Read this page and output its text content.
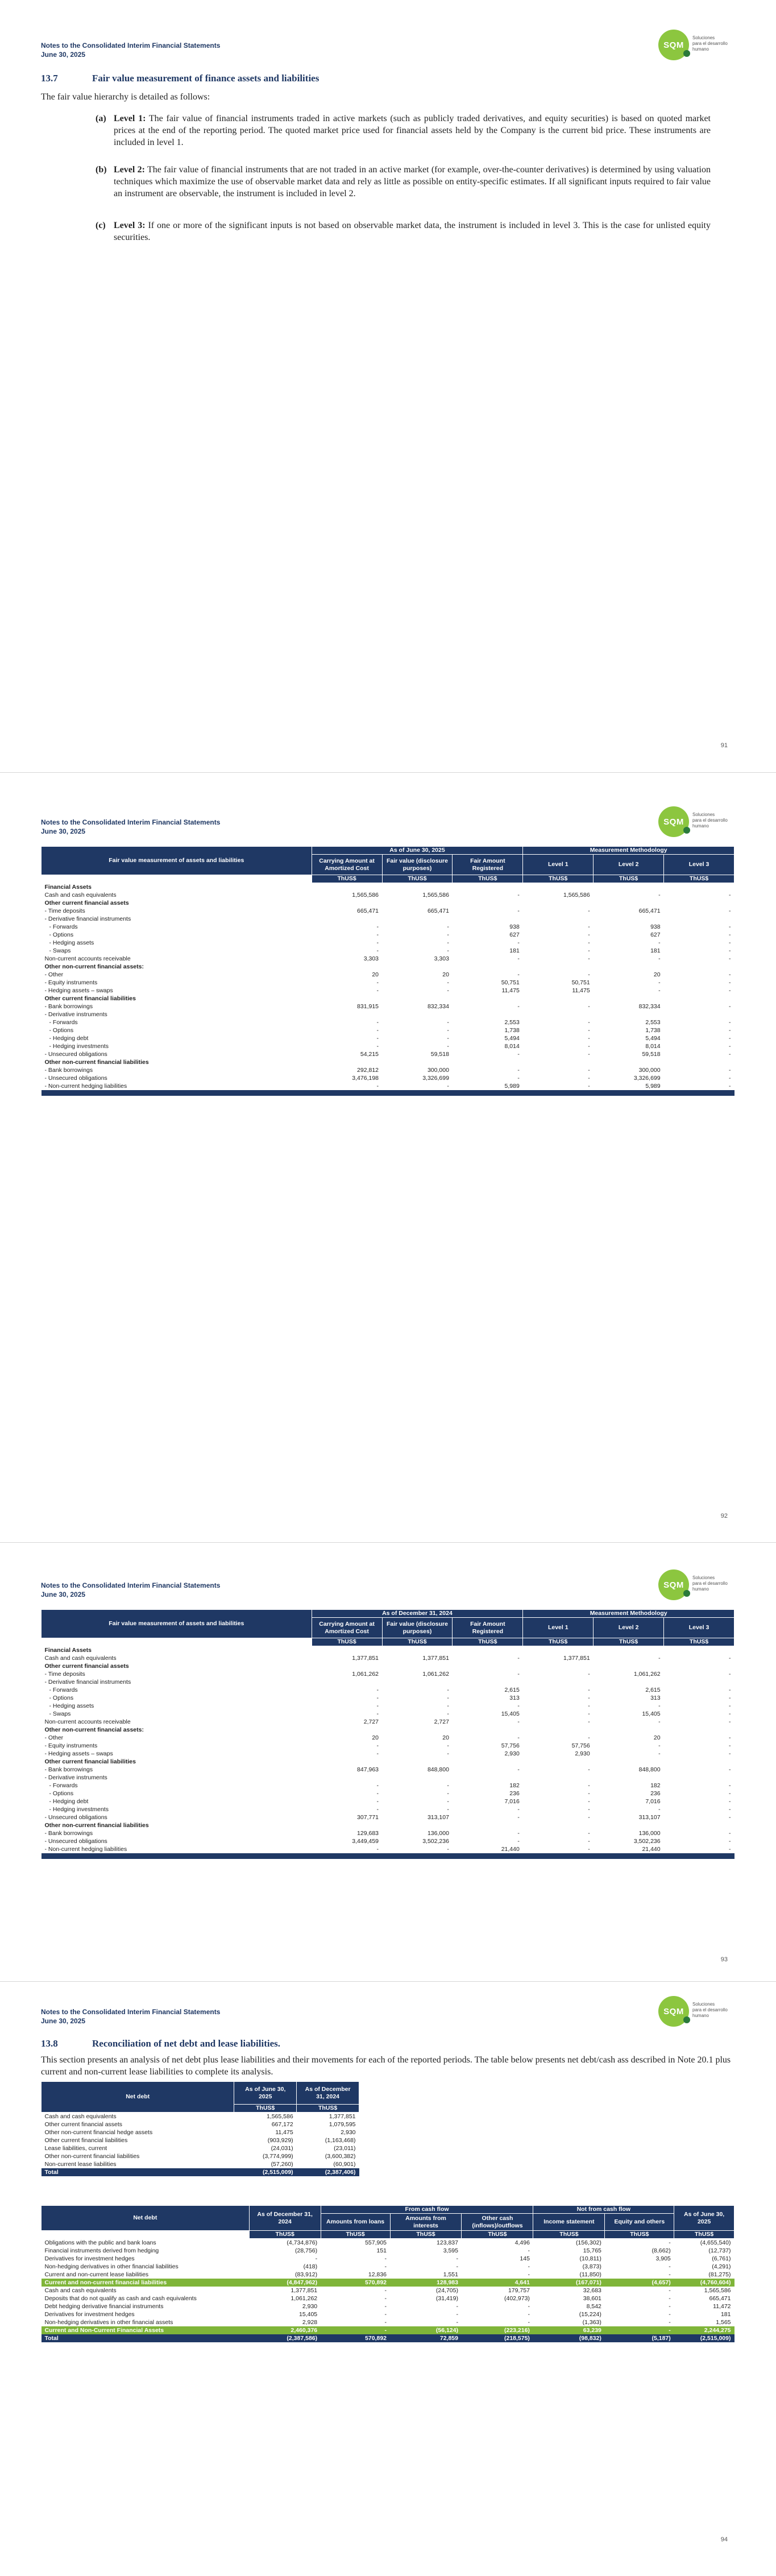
Notes to the Consolidated Interim Financial Statements
June 30, 2025
SQM
Soluciones
para el desarrollo
humano
13.7	Fair value measurement of finance assets and liabilities
The fair value hierarchy is detailed as follows:
(a) Level 1: The fair value of financial instruments traded in active markets (such as publicly traded derivatives, and equity securities) is based on quoted market prices at the end of the reporting period. The quoted market price used for financial assets held by the Company is the current bid price. These instruments are included in level 1.
(b) Level 2: The fair value of financial instruments that are not traded in an active market (for example, over-the-counter derivatives) is determined by using valuation techniques which maximize the use of observable market data and rely as little as possible on entity-specific estimates. If all significant inputs required to fair value an instrument are observable, the instrument is included in level 2.
(c) Level 3: If one or more of the significant inputs is not based on observable market data, the instrument is included in level 3. This is the case for unlisted equity securities.
91
Notes to the Consolidated Interim Financial Statements
June 30, 2025
SQM
Soluciones
para el desarrollo
humano
Fair value measurement of assets and liabilities	As of June 30, 2025			Measurement Methodology		
	Carrying Amount at Amortized Cost	Fair value (disclosure purposes)	Fair Amount Registered	Level 1	Level 2	Level 3
	ThUS$	ThUS$	ThUS$	ThUS$	ThUS$	ThUS$
Financial Assets						
Cash and cash equivalents	1,565,586	1,565,586	-	1,565,586	-	-
Other current financial assets						
- Time deposits	665,471	665,471	-	-	665,471	-
- Derivative financial instruments						
- Forwards	-	-	938	-	938	-
- Options	-	-	627	-	627	-
- Hedging assets	-	-	-	-	-	-
- Swaps	-	-	181	-	181	-
Non-current accounts receivable	3,303	3,303	-	-	-	-
Other non-current financial assets:						
- Other	20	20	-	-	20	-
- Equity instruments	-	-	50,751	50,751	-	-
- Hedging assets – swaps	-	-	11,475	11,475	-	-
Other current financial liabilities						
- Bank borrowings	831,915	832,334	-	-	832,334	-
- Derivative instruments						
- Forwards	-	-	2,553	-	2,553	-
- Options	-	-	1,738	-	1,738	-
- Hedging debt	-	-	5,494	-	5,494	-
- Hedging investments	-	-	8,014	-	8,014	-
- Unsecured obligations	54,215	59,518	-	-	59,518	-
Other non-current financial liabilities						
- Bank borrowings	292,812	300,000	-	-	300,000	-
- Unsecured obligations	3,476,198	3,326,699	-	-	3,326,699	-
- Non-current hedging liabilities	-	-	5,989	-	5,989	-

92
Notes to the Consolidated Interim Financial Statements
June 30, 2025
SQM
Soluciones
para el desarrollo
humano
Fair value measurement of assets and liabilities	As of December 31, 2024			Measurement Methodology		
	Carrying Amount at Amortized Cost	Fair value (disclosure purposes)	Fair Amount Registered	Level 1	Level 2	Level 3
	ThUS$	ThUS$	ThUS$	ThUS$	ThUS$	ThUS$
Financial Assets						
Cash and cash equivalents	1,377,851	1,377,851	-	1,377,851	-	-
Other current financial assets						
- Time deposits	1,061,262	1,061,262	-	-	1,061,262	-
- Derivative financial instruments						
- Forwards	-	-	2,615	-	2,615	-
- Options	-	-	313	-	313	-
- Hedging assets	-	-	-	-	-	-
- Swaps	-	-	15,405	-	15,405	-
Non-current accounts receivable	2,727	2,727	-	-	-	-
Other non-current financial assets:						
- Other	20	20	-	-	20	-
- Equity instruments	-	-	57,756	57,756	-	-
- Hedging assets – swaps	-	-	2,930	2,930	-	-
Other current financial liabilities						
- Bank borrowings	847,963	848,800	-	-	848,800	-
- Derivative instruments						
- Forwards	-	-	182	-	182	-
- Options	-	-	236	-	236	-
- Hedging debt	-	-	7,016	-	7,016	-
- Hedging investments	-	-	-	-	-	-
- Unsecured obligations	307,771	313,107	-	-	313,107	-
Other non-current financial liabilities						
- Bank borrowings	129,683	136,000	-	-	136,000	-
- Unsecured obligations	3,449,459	3,502,236	-	-	3,502,236	-
- Non-current hedging liabilities	-	-	21,440	-	21,440	-

93
Notes to the Consolidated Interim Financial Statements
June 30, 2025
SQM
Soluciones
para el desarrollo
humano
13.8	Reconciliation of net debt and lease liabilities.
This section presents an analysis of net debt plus lease liabilities and their movements for each of the reported periods. The table below presents net debt/cash ass described in Note 20.1 plus current and non-current lease liabilities to complete its analysis.
Net debt	As of June 30, 2025	As of December 31, 2024
	ThUS$	ThUS$
Cash and cash equivalents	1,565,586	1,377,851
Other current financial assets	667,172	1,079,595
Other non-current financial hedge assets	11,475	2,930
Other current financial liabilities	(903,929)	(1,163,468)
Lease liabilities, current	(24,031)	(23,011)
Other non-current financial liabilities	(3,774,999)	(3,600,382)
Non-current lease liabilities	(57,260)	(60,901)
Total	(2,515,009)	(2,387,406)
Net debt	As of December 31, 2024	From cash flow			Not from cash flow		As of June 30, 2025
		Amounts from loans	Amounts from interests	Other cash (inflows)/outflows	Income statement	Equity and others	
	ThUS$	ThUS$	ThUS$	ThUS$	ThUS$	ThUS$	ThUS$
Obligations with the public and bank loans	(4,734,876)	557,905	123,837	4,496	(156,302)	-	(4,655,540)
Financial instruments derived from hedging	(28,756)	151	3,595	-	15,765	(8,662)	(12,737)
Derivatives for investment hedges	-	-	-	145	(10,811)	3,905	(6,761)
Non-hedging derivatives in other financial liabilities	(418)	-	-	-	(3,873)	-	(4,291)
Current and non-current lease liabilities	(83,912)	12,836	1,551	-	(11,850)	-	(81,275)
Current and non-current financial liabilities	(4,847,962)	570,892	128,983	4,641	(167,071)	(4,657)	(4,760,604)
Cash and cash equivalents	1,377,851	-	(24,705)	179,757	32,683	-	1,565,586
Deposits that do not qualify as cash and cash equivalents	1,061,262	-	(31,419)	(402,973)	38,601	-	665,471
Debt hedging derivative financial instruments	2,930	-	-	-	8,542	-	11,472
Derivatives for investment hedges	15,405	-	-	-	(15,224)	-	181
Non-hedging derivatives in other financial assets	2,928	-	-	-	(1,363)	-	1,565
Current and Non-Current Financial Assets	2,460,376	-	(56,124)	(223,216)	63,239	-	2,244,275
Total	(2,387,586)	570,892	72,859	(218,575)	(98,832)	(5,187)	(2,515,009)
94
